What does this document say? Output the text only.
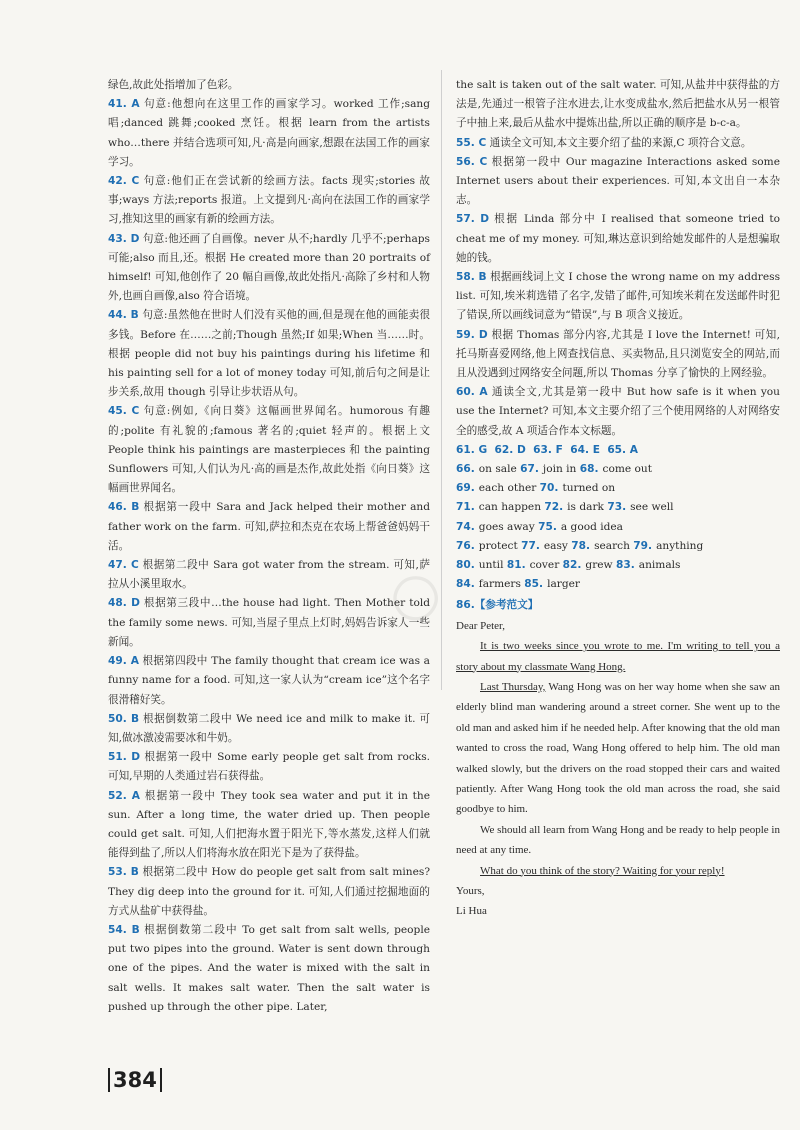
○

绿色,故此处指增加了色彩。

41. A 句意:他想向在这里工作的画家学习。worked 工作;sang 唱;danced 跳舞;cooked 烹饪。根据 learn from the artists who…there 并结合选项可知,凡·高是向画家,想跟在法国工作的画家学习。

42. C 句意:他们正在尝试新的绘画方法。facts 现实;stories 故事;ways 方法;reports 报道。上文提到凡·高向在法国工作的画家学习,推知这里的画家有新的绘画方法。

43. D 句意:他还画了自画像。never 从不;hardly 几乎不;perhaps 可能;also 而且,还。根据 He created more than 20 portraits of himself! 可知,他创作了 20 幅自画像,故此处指凡·高除了乡村和人物外,也画自画像,also 符合语境。

44. B 句意:虽然他在世时人们没有买他的画,但是现在他的画能卖很多钱。Before 在……之前;Though 虽然;If 如果;When 当……时。根据 people did not buy his paintings during his lifetime 和 his painting sell for a lot of money today 可知,前后句之间是让步关系,故用 though 引导让步状语从句。

45. C 句意:例如,《向日葵》这幅画世界闻名。humorous 有趣的;polite 有礼貌的;famous 著名的;quiet 轻声的。根据上文 People think his paintings are masterpieces 和 the painting Sunflowers 可知,人们认为凡·高的画是杰作,故此处指《向日葵》这幅画世界闻名。

46. B 根据第一段中 Sara and Jack helped their mother and father work on the farm. 可知,萨拉和杰克在农场上帮爸爸妈妈干活。

47. C 根据第二段中 Sara got water from the stream. 可知,萨拉从小溪里取水。

48. D 根据第三段中…the house had light. Then Mother told the family some news. 可知,当屋子里点上灯时,妈妈告诉家人一些新闻。

49. A 根据第四段中 The family thought that cream ice was a funny name for a food. 可知,这一家人认为“cream ice”这个名字很滑稽好笑。

50. B 根据倒数第二段中 We need ice and milk to make it. 可知,做冰激凌需要冰和牛奶。

51. D 根据第一段中 Some early people get salt from rocks. 可知,早期的人类通过岩石获得盐。

52. A 根据第一段中 They took sea water and put it in the sun. After a long time, the water dried up. Then people could get salt. 可知,人们把海水置于阳光下,等水蒸发,这样人们就能得到盐了,所以人们将海水放在阳光下是为了获得盐。

53. B 根据第二段中 How do people get salt from salt mines? They dig deep into the ground for it. 可知,人们通过挖掘地面的方式从盐矿中获得盐。

54. B 根据倒数第二段中 To get salt from salt wells, people put two pipes into the ground. Water is sent down through one of the pipes. And the water is mixed with the salt in salt wells. It makes salt water. Then the salt water is pushed up through the other pipe. Later,

the salt is taken out of the salt water. 可知,从盐井中获得盐的方法是,先通过一根管子注水进去,让水变成盐水,然后把盐水从另一根管子中抽上来,最后从盐水中提炼出盐,所以正确的顺序是 b-c-a。

55. C 通读全文可知,本文主要介绍了盐的来源,C 项符合文意。

56. C 根据第一段中 Our magazine Interactions asked some Internet users about their experiences. 可知,本文出自一本杂志。

57. D 根据 Linda 部分中 I realised that someone tried to cheat me of my money. 可知,琳达意识到给她发邮件的人是想骗取她的钱。

58. B 根据画线词上文 I chose the wrong name on my address list. 可知,埃米莉选错了名字,发错了邮件,可知埃米莉在发送邮件时犯了错误,所以画线词意为“错误”,与 B 项含义接近。

59. D 根据 Thomas 部分内容,尤其是 I love the Internet! 可知,托马斯喜爱网络,他上网查找信息、买卖物品,且只浏览安全的网站,而且从没遇到过网络安全问题,所以 Thomas 分享了愉快的上网经验。

60. A 通读全文,尤其是第一段中 But how safe is it when you use the Internet? 可知,本文主要介绍了三个使用网络的人对网络安全的感受,故 A 项适合作本文标题。

61. G 62. D 63. F 64. E 65. A

66. on sale 67. join in 68. come out

69. each other 70. turned on

71. can happen 72. is dark 73. see well

74. goes away 75. a good idea

76. protect 77. easy 78. search 79. anything

80. until 81. cover 82. grew 83. animals

84. farmers 85. larger

86.【参考范文】

Dear Peter,

It is two weeks since you wrote to me. I'm writing to tell you a story about my classmate Wang Hong.

Last Thursday, Wang Hong was on her way home when she saw an elderly blind man wandering around a street corner. She went up to the old man and asked him if he needed help. After knowing that the old man wanted to cross the road, Wang Hong offered to help him. The old man walked slowly, but the drivers on the road stopped their cars and waited patiently. After Wang Hong took the old man across the road, she said goodbye to him.

We should all learn from Wang Hong and be ready to help people in need at any time.

What do you think of the story? Waiting for your reply!

Yours,

Li Hua

384
